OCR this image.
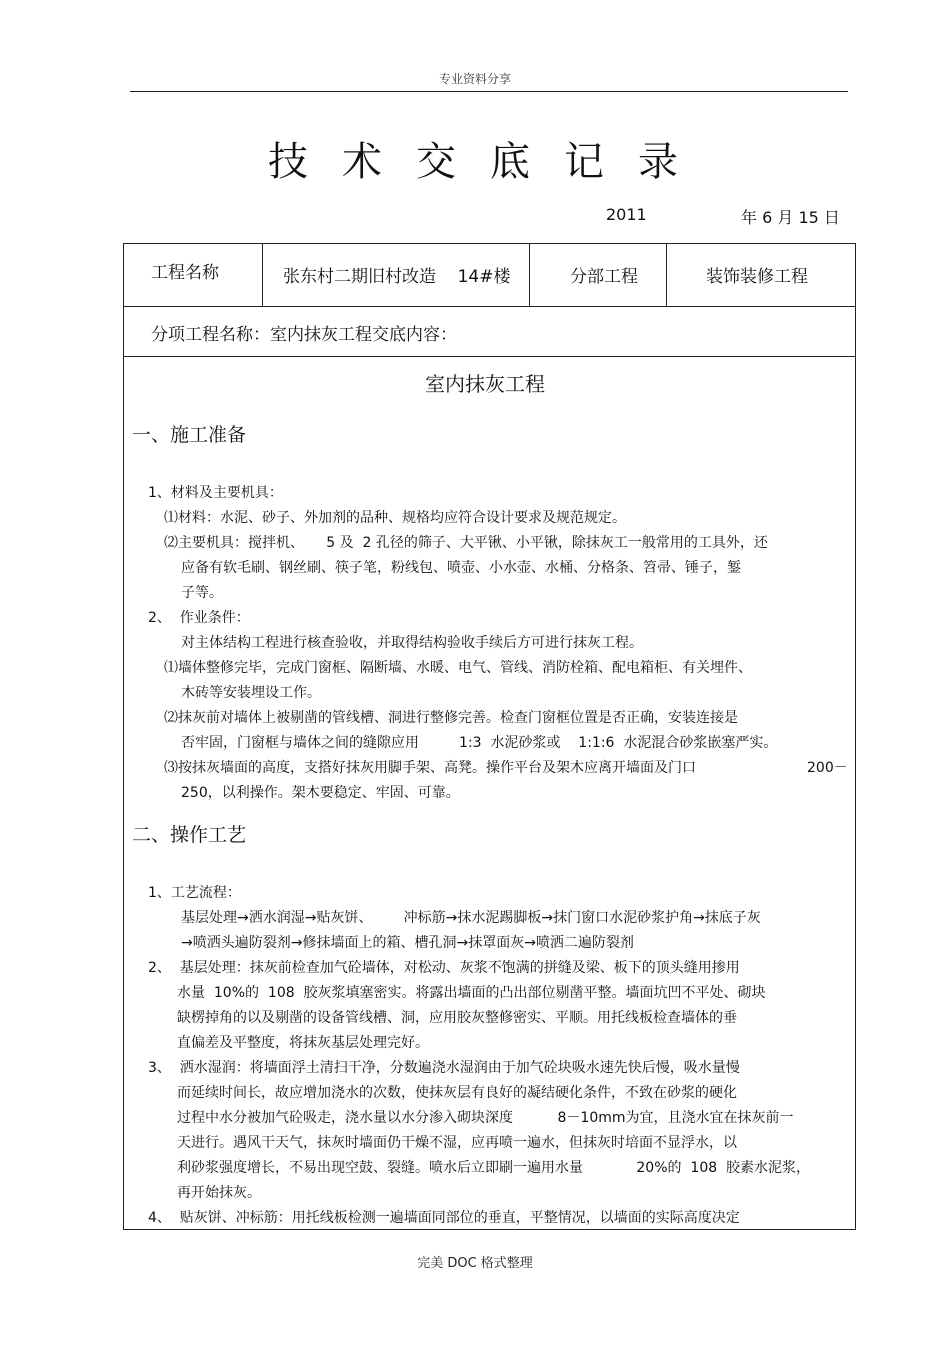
专业资料分享
技术交底记录
2011	年 6 月 15 日
工程名称	张东村二期旧村改造    14#楼	分部工程	装饰装修工程
分项工程名称：室内抹灰工程交底内容：
室内抹灰工程
一、施工准备
1、材料及主要机具：
⑴材料：水泥、砂子、外加剂的品种、规格均应符合设计要求及规范规定。
⑵主要机具：搅拌机、     5 及  2 孔径的筛子、大平锹、小平锹，除抹灰工一般常用的工具外，还
应备有软毛刷、钢丝刷、筷子笔，粉线包、喷壶、小水壶、水桶、分格条、笤帚、锤子，錾
子等。
2、  作业条件：
对主体结构工程进行核查验收，并取得结构验收手续后方可进行抹灰工程。
⑴墙体整修完毕，完成门窗框、隔断墙、水暖、电气、管线、消防栓箱、配电箱柜、有关埋件、
木砖等安装埋设工作。
⑵抹灰前对墙体上被剔凿的管线槽、洞进行整修完善。检查门窗框位置是否正确，安装连接是
否牢固，门窗框与墙体之间的缝隙应用         1:3  水泥砂浆或    1:1:6  水泥混合砂浆嵌塞严实。
⑶按抹灰墙面的高度，支搭好抹灰用脚手架、高凳。操作平台及架木应离开墙面及门口	200－
250，以利操作。架木要稳定、牢固、可靠。
二、操作工艺
1、工艺流程：
基层处理→洒水润湿→贴灰饼、       冲标筋→抹水泥踢脚板→抹门窗口水泥砂浆护角→抹底子灰
→喷洒头遍防裂剂→修抹墙面上的箱、槽孔洞→抹罩面灰→喷洒二遍防裂剂
2、  基层处理：抹灰前检查加气砼墙体，对松动、灰浆不饱满的拼缝及梁、板下的顶头缝用掺用
水量  10%的  108  胶灰浆填塞密实。将露出墙面的凸出部位剔凿平整。墙面坑凹不平处、砌块
缺楞掉角的以及剔凿的设备管线槽、洞，应用胶灰整修密实、平顺。用托线板检查墙体的垂
直偏差及平整度，将抹灰基层处理完好。
3、  洒水湿润：将墙面浮土清扫干净，分数遍浇水湿润由于加气砼块吸水速先快后慢，吸水量慢
而延续时间长，故应增加浇水的次数，使抹灰层有良好的凝结硬化条件，不致在砂浆的硬化
过程中水分被加气砼吸走，浇水量以水分渗入砌块深度          8－10mm为宜，且浇水宜在抹灰前一
天进行。遇风干天气，抹灰时墙面仍干燥不湿，应再喷一遍水，但抹灰时培面不显浮水，以
利砂浆强度增长，不易出现空鼓、裂缝。喷水后立即刷一遍用水量            20%的  108  胶素水泥浆，
再开始抹灰。
4、  贴灰饼、冲标筋：用托线板检测一遍墙面同部位的垂直，平整情况，以墙面的实际高度决定
完美 DOC 格式整理
